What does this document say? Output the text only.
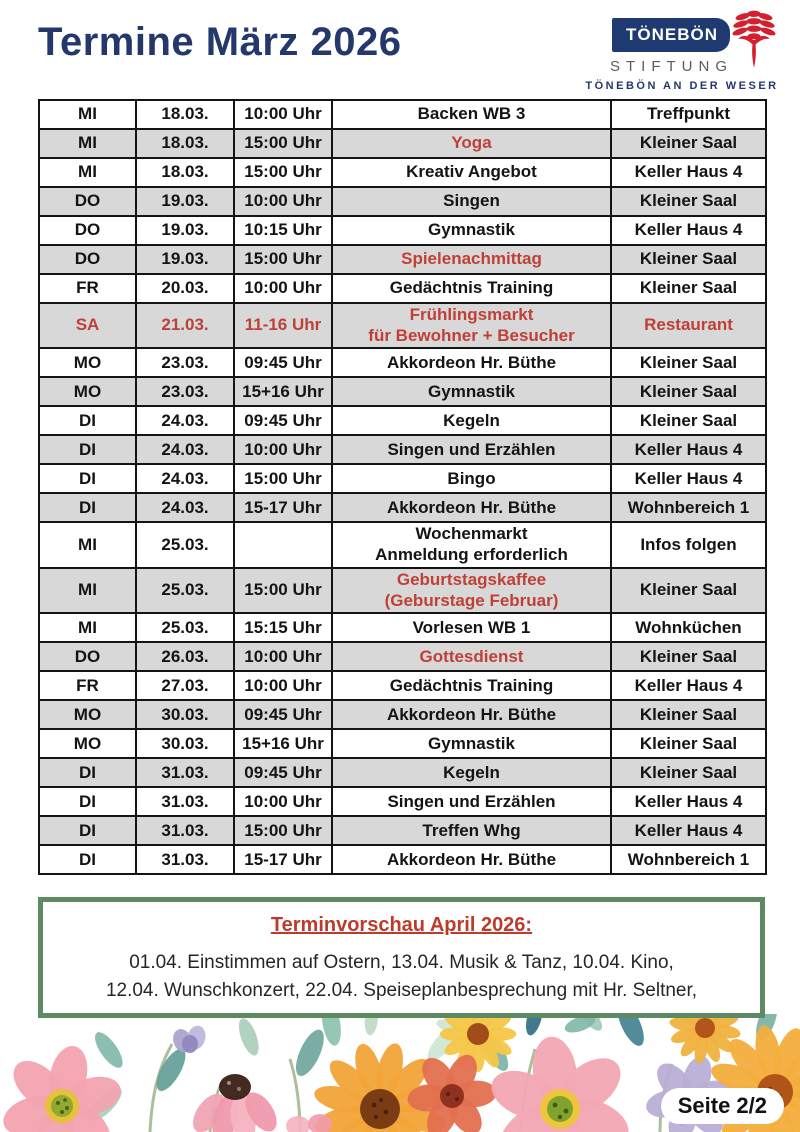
Termine März 2026	TÖNEBÖN
STIFTUNG
TÖNEBÖN AN DER WESER
MI	18.03.	10:00 Uhr	Backen WB 3	Treffpunkt
MI	18.03.	15:00 Uhr	Yoga	Kleiner Saal
MI	18.03.	15:00 Uhr	Kreativ Angebot	Keller Haus 4
DO	19.03.	10:00 Uhr	Singen	Kleiner Saal
DO	19.03.	10:15 Uhr	Gymnastik	Keller Haus 4
DO	19.03.	15:00 Uhr	Spielenachmittag	Kleiner Saal
FR	20.03.	10:00 Uhr	Gedächtnis Training	Kleiner Saal
SA	21.03.	11-16 Uhr	Frühlingsmarkt
für Bewohner + Besucher	Restaurant
MO	23.03.	09:45 Uhr	Akkordeon Hr. Büthe	Kleiner Saal
MO	23.03.	15+16 Uhr	Gymnastik	Kleiner Saal
DI	24.03.	09:45 Uhr	Kegeln	Kleiner Saal
DI	24.03.	10:00 Uhr	Singen und Erzählen	Keller Haus 4
DI	24.03.	15:00 Uhr	Bingo	Keller Haus 4
DI	24.03.	15-17 Uhr	Akkordeon Hr. Büthe	Wohnbereich 1
MI	25.03.		Wochenmarkt
Anmeldung erforderlich	Infos folgen
MI	25.03.	15:00 Uhr	Geburtstagskaffee
(Geburstage Februar)	Kleiner Saal
MI	25.03.	15:15 Uhr	Vorlesen WB 1	Wohnküchen
DO	26.03.	10:00 Uhr	Gottesdienst	Kleiner Saal
FR	27.03.	10:00 Uhr	Gedächtnis Training	Keller Haus 4
MO	30.03.	09:45 Uhr	Akkordeon Hr. Büthe	Kleiner Saal
MO	30.03.	15+16 Uhr	Gymnastik	Kleiner Saal
DI	31.03.	09:45 Uhr	Kegeln	Kleiner Saal
DI	31.03.	10:00 Uhr	Singen und Erzählen	Keller Haus 4
DI	31.03.	15:00 Uhr	Treffen Whg	Keller Haus 4
DI	31.03.	15-17 Uhr	Akkordeon Hr. Büthe	Wohnbereich 1
Terminvorschau April 2026:
01.04. Einstimmen auf Ostern, 13.04. Musik & Tanz, 10.04. Kino,
12.04. Wunschkonzert, 22.04. Speiseplanbesprechung mit Hr. Seltner,
Seite 2/2
